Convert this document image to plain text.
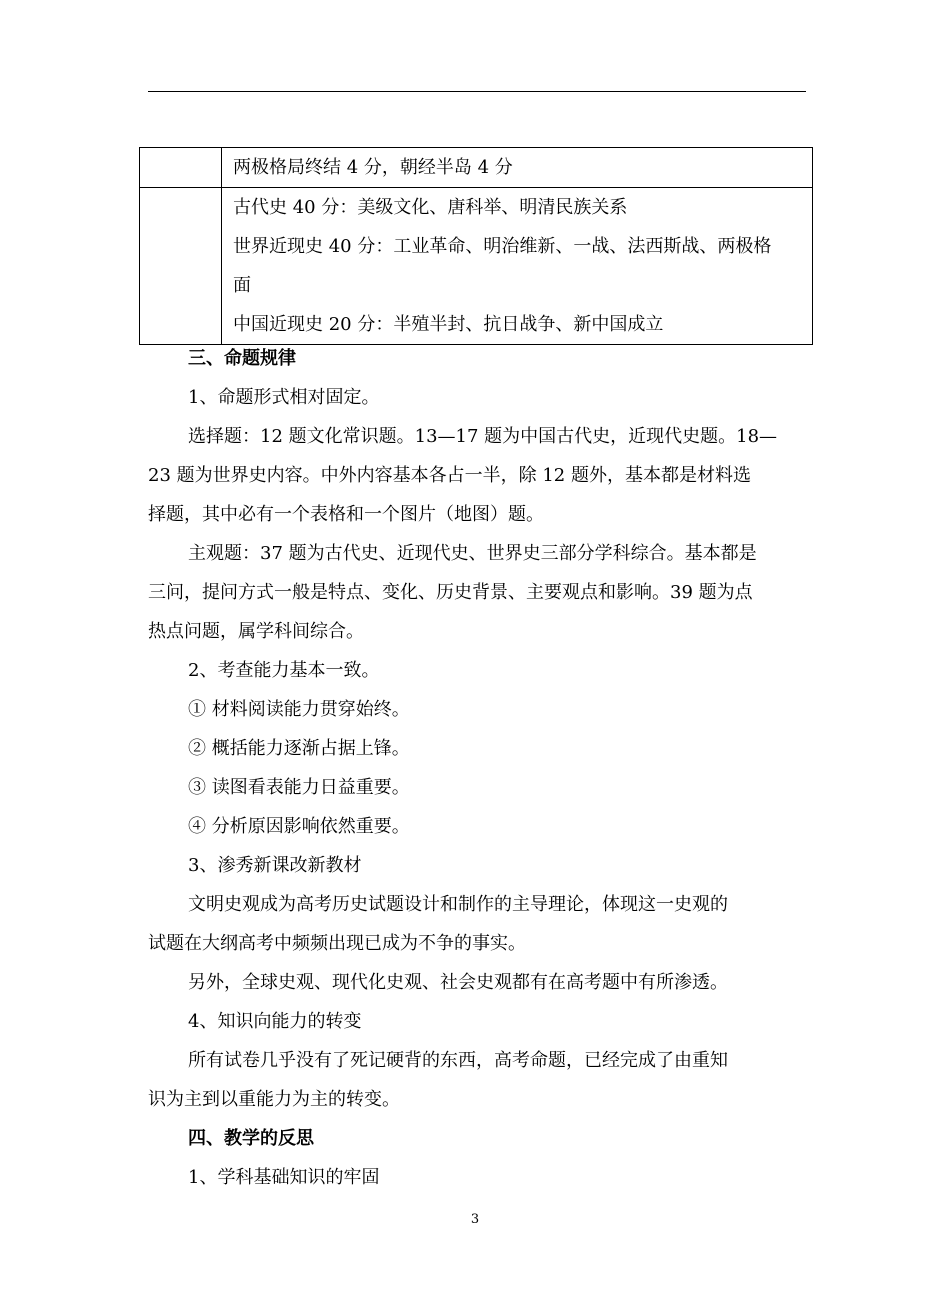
	两极格局终结 4 分，朝经半岛 4 分

	古代史 40 分：美级文化、唐科举、明清民族关系
世界近现史 40 分：工业革命、明治维新、一战、法西斯战、两极格
面
中国近现史 20 分：半殖半封、抗日战争、新中国成立

三、命题规律

1、命题形式相对固定。

选择题：12 题文化常识题。13—17 题为中国古代史，近现代史题。18—

23 题为世界史内容。中外内容基本各占一半，除 12 题外，基本都是材料选

择题，其中必有一个表格和一个图片（地图）题。

主观题：37 题为古代史、近现代史、世界史三部分学科综合。基本都是

三问，提问方式一般是特点、变化、历史背景、主要观点和影响。39 题为点

热点问题，属学科间综合。

2、考查能力基本一致。

① 材料阅读能力贯穿始终。

② 概括能力逐渐占据上锋。

③ 读图看表能力日益重要。

④ 分析原因影响依然重要。

3、渗秀新课改新教材

文明史观成为高考历史试题设计和制作的主导理论，体现这一史观的

试题在大纲高考中频频出现已成为不争的事实。

另外，全球史观、现代化史观、社会史观都有在高考题中有所渗透。

4、知识向能力的转变

所有试卷几乎没有了死记硬背的东西，高考命题，已经完成了由重知

识为主到以重能力为主的转变。

四、教学的反思

1、学科基础知识的牢固

3
